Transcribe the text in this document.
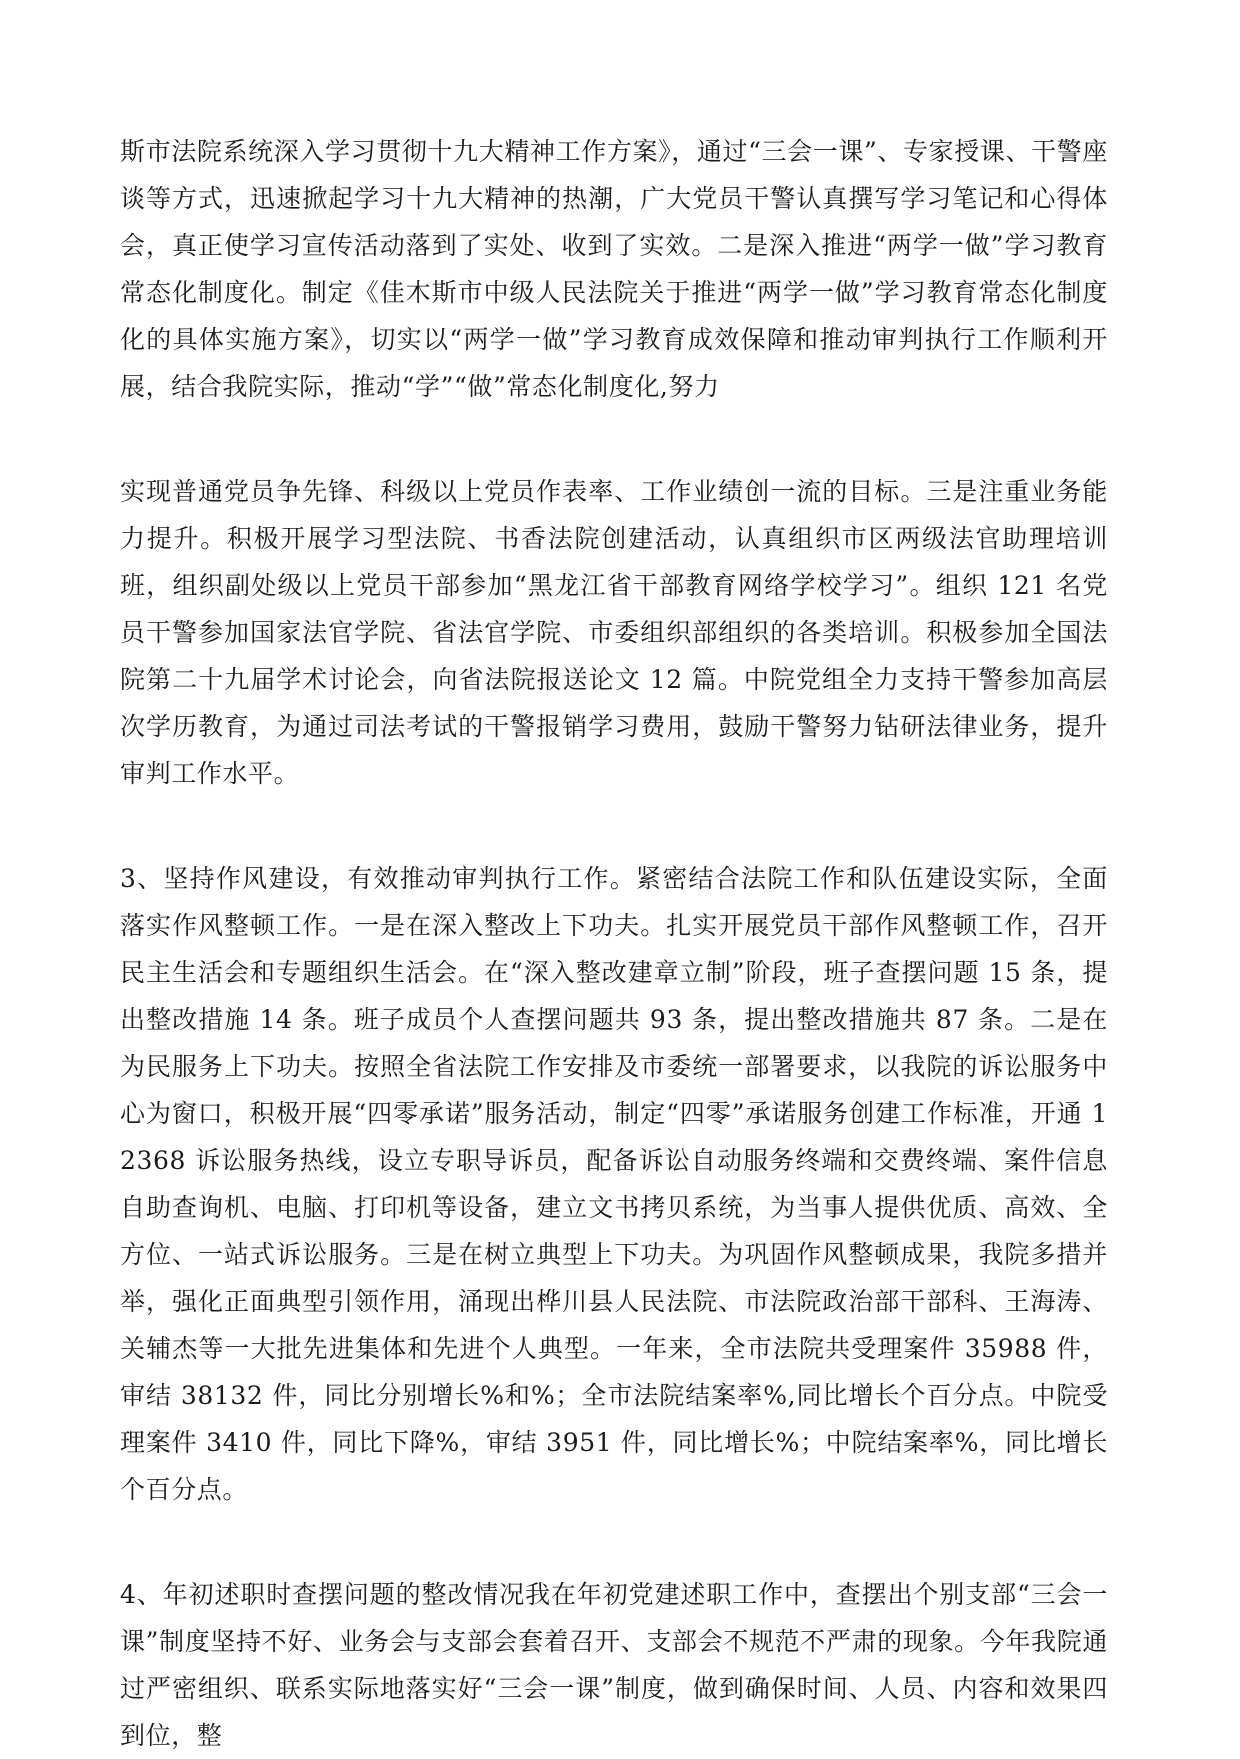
斯市法院系统深入学习贯彻十九大精神工作方案》，通过“三会一课”、专家授课、干警座谈等方式，迅速掀起学习十九大精神的热潮，广大党员干警认真撰写学习笔记和心得体会，真正使学习宣传活动落到了实处、收到了实效。二是深入推进“两学一做”学习教育常态化制度化。制定《佳木斯市中级人民法院关于推进“两学一做”学习教育常态化制度化的具体实施方案》，切实以“两学一做”学习教育成效保障和推动审判执行工作顺利开展，结合我院实际，推动“学”“做”常态化制度化,努力

实现普通党员争先锋、科级以上党员作表率、工作业绩创一流的目标。三是注重业务能力提升。积极开展学习型法院、书香法院创建活动，认真组织市区两级法官助理培训班，组织副处级以上党员干部参加“黑龙江省干部教育网络学校学习”。组织 121 名党员干警参加国家法官学院、省法官学院、市委组织部组织的各类培训。积极参加全国法院第二十九届学术讨论会，向省法院报送论文 12 篇。中院党组全力支持干警参加高层次学历教育，为通过司法考试的干警报销学习费用，鼓励干警努力钻研法律业务，提升审判工作水平。

3、坚持作风建设，有效推动审判执行工作。紧密结合法院工作和队伍建设实际，全面落实作风整顿工作。一是在深入整改上下功夫。扎实开展党员干部作风整顿工作，召开民主生活会和专题组织生活会。在“深入整改建章立制”阶段，班子查摆问题 15 条，提出整改措施 14 条。班子成员个人查摆问题共 93 条，提出整改措施共 87 条。二是在为民服务上下功夫。按照全省法院工作安排及市委统一部署要求，以我院的诉讼服务中心为窗口，积极开展“四零承诺”服务活动，制定“四零”承诺服务创建工作标准，开通 12368 诉讼服务热线，设立专职导诉员，配备诉讼自动服务终端和交费终端、案件信息自助查询机、电脑、打印机等设备，建立文书拷贝系统，为当事人提供优质、高效、全方位、一站式诉讼服务。三是在树立典型上下功夫。为巩固作风整顿成果，我院多措并举，强化正面典型引领作用，涌现出桦川县人民法院、市法院政治部干部科、王海涛、关辅杰等一大批先进集体和先进个人典型。一年来，全市法院共受理案件 35988 件，审结 38132 件，同比分别增长%和%；全市法院结案率%,同比增长个百分点。中院受理案件 3410 件，同比下降%，审结 3951 件，同比增长%；中院结案率%，同比增长个百分点。

4、年初述职时查摆问题的整改情况我在年初党建述职工作中，查摆出个别支部“三会一课”制度坚持不好、业务会与支部会套着召开、支部会不规范不严肃的现象。今年我院通过严密组织、联系实际地落实好“三会一课”制度，做到确保时间、人员、内容和效果四到位，整
